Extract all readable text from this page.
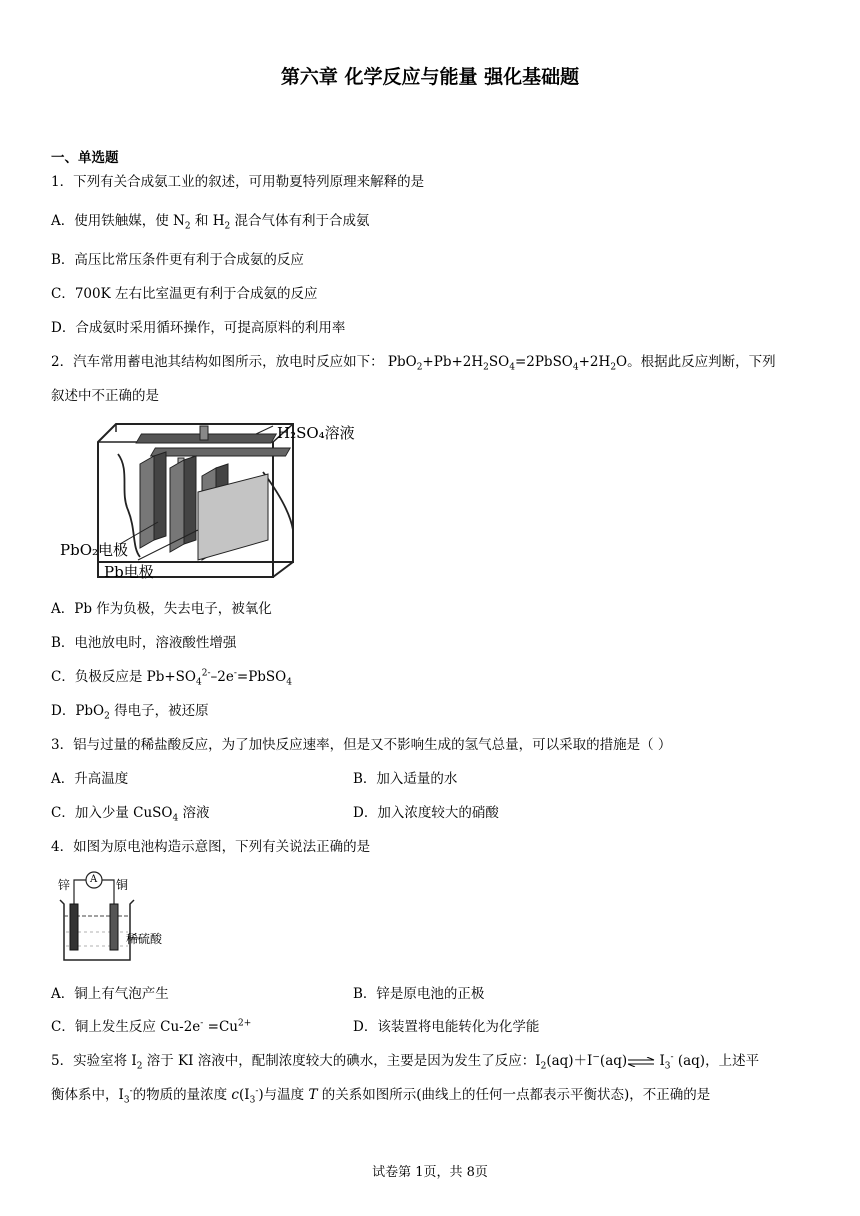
第六章 化学反应与能量 强化基础题
一、单选题
1．下列有关合成氨工业的叙述，可用勒夏特列原理来解释的是
A．使用铁触媒，使 $N_2$ 和 $H_2$ 混合气体有利于合成氨
B．高压比常压条件更有利于合成氨的反应
C．700K 左右比室温更有利于合成氨的反应
D．合成氨时采用循环操作，可提高原料的利用率
2．汽车常用蓄电池其结构如图所示，放电时反应如下： $PbO_2+Pb+2H_2SO_4=2PbSO_4+2H_2O$。根据此反应判断，下列
叙述中不正确的是
H₂SO₄溶液
PbO₂电极
Pb电极
A．Pb 作为负极，失去电子，被氧化
B．电池放电时，溶液酸性增强
C．负极反应是 $Pb+SO_4^{2-}-2e^-=PbSO_4$
D．PbO$_2$ 得电子，被还原
3．铝与过量的稀盐酸反应，为了加快反应速率，但是又不影响生成的氢气总量，可以采取的措施是（ ）
A．升高温度	B．加入适量的水
C．加入少量 CuSO$_4$ 溶液	D．加入浓度较大的硝酸
4．如图为原电池构造示意图，下列有关说法正确的是
锌 A 铜
稀硫酸
A．铜上有气泡产生	B．锌是原电池的正极
C．铜上发生反应 $Cu-2e^- =Cu^{2+}$	D．该装置将电能转化为化学能
5．实验室将 $I_2$ 溶于 KI 溶液中，配制浓度较大的碘水，主要是因为发生了反应：$I_2(aq)+I^-(aq)\rightleftharpoons$ $I_3^-$ (aq)，上述平
衡体系中，$I_3^-$的物质的量浓度 $c(I_3^-)$与温度 T 的关系如图所示(曲线上的任何一点都表示平衡状态)，不正确的是
试卷第 1页，共 8页
